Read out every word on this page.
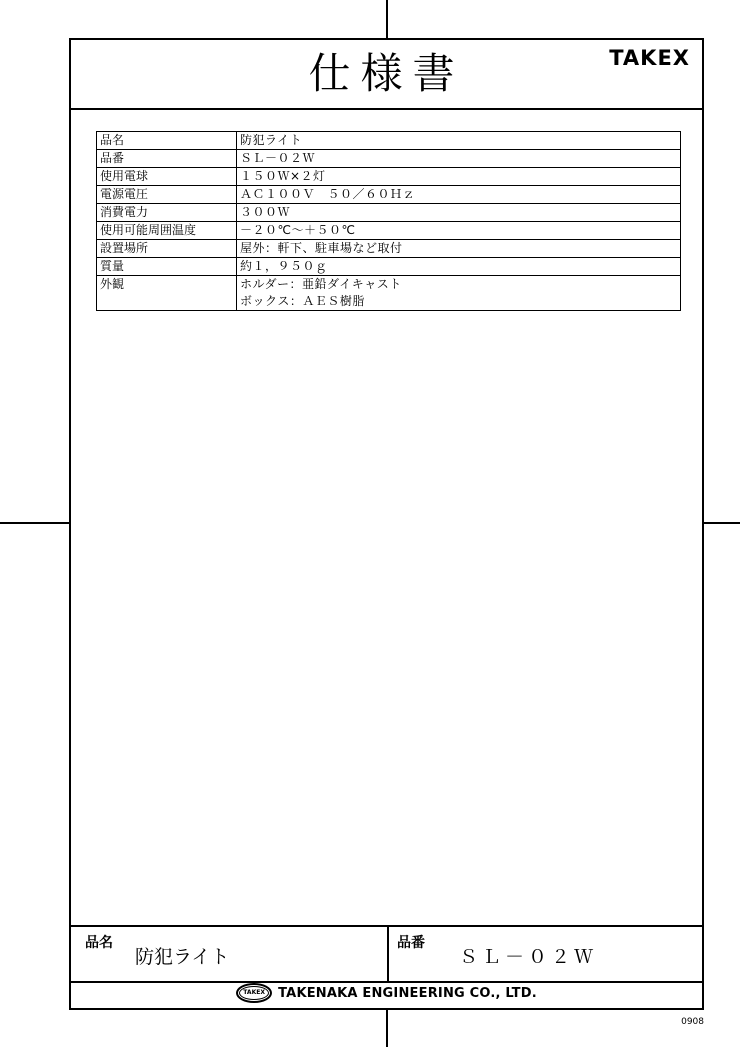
仕様書	TAKEX
品名	防犯ライト
品番	ＳＬ－０２Ｗ
使用電球	１５０Ｗ×２灯
電源電圧	ＡＣ１００Ｖ　５０／６０Ｈｚ
消費電力	３００Ｗ
使用可能周囲温度	－２０℃～＋５０℃
設置場所	屋外：軒下、駐車場など取付
質量	約１，９５０ｇ
外観	ホルダー：亜鉛ダイキャスト
ボックス：ＡＥＳ樹脂
品名
防犯ライト
品番
ＳＬ－０２Ｗ
TAKEX	TAKENAKA ENGINEERING CO., LTD.
0908
